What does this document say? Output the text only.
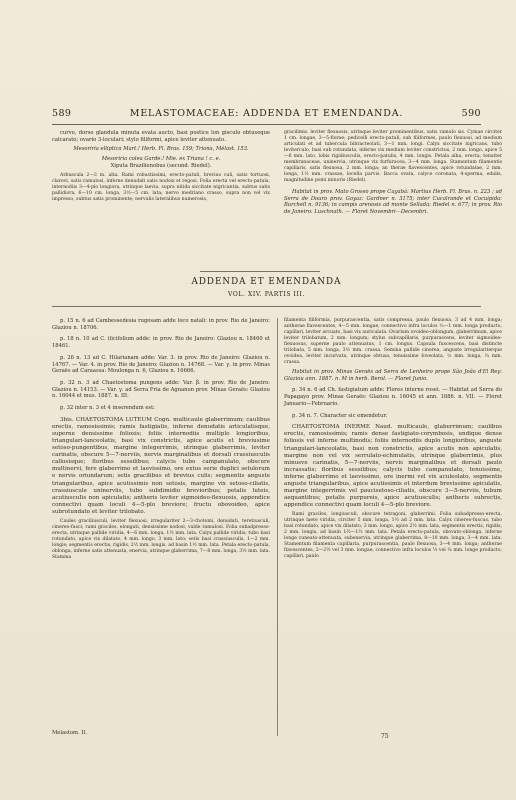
589	MELASTOMACEAE: ADDENDA ET EMENDANDA.	590

curvo, dorso glandula minuta evata aucto, basi postice lon gisculo obtuseque calcarato; ovario 3-loculari; stylo filiformi, apice leviter attenuato.

Mesoriria elliptica Mart.! Herb. Fl. Bras. 159; Triana, Mélast. 153.

Mesoriria colea Garde.! Mie. ex Triana ! c. e.

Xiputa Brazilienobus (secund. Riedel).

Arbuscula 2—3 m. alta. Rami robustissimi, erecto-patuli, brevius culi, satis tortuosi, clarevi, satis ramulosi, inferne denudati satis nodosi et regosi. Folia erecta vel erecto-patula, internodiis 3—4-plo longiora, utrinque laevia, supra nitida siccitate nigricantia, subtus satis pallidiora, 6—10 cm. longa, 3½—5 cm. lata; nervo medriano crasso, supra non vel vix impresso, subtus satis prominente; nervulis lateralibus numerosis,

gracilimis. leviter flexuosis, utrinque leviter prominentibus, satis ramulo sis. Cymae circiter 1 cm. longae, 3—5-florae; pedicelli erecto-patuli, sub filiformes, paulo flexuosi, ad medium articulati et ad tubercula bibracteolati, 3—1 mm. longi. Calyx siccitate nigricans, tubo leviterculo, basi sub rotundata, inferne vix medium leviter constrictus, 2 mm. longo, apice 5—6 mm. lato, lobis rigidiusculis, erecto-patulis, 4 mm. longis. Petala alba, erecta, tenuiter membranaceae, uninervia, utrinque vix furfuracea, 3—4 mm. longa. Stamentum filamentis capillaris, satis flexuosa, 2 mm. longa; an therae flavescentes, apice rotundatae, 2 mm. longa, 1½ mm. crassae, locella parvis. Bacca ovata, calyce coronata, 4-sperma, edulis, magnitudine pomi minoris (Riedel).

Habitat in prov. Mato Grosso prope Cuyabá: Martius Herb. Fl. Bras. n. 223 ; ad Serra de Douro prov. Goyaz: Gardner n. 3175; inter Cucalrande et Cocuipida: Burchell n. 9136; in campis arenosis ad monte Sellada: Riedel n. 677; in prov. Rio de Janeiro: Luschnath. — Floret Novembri—Decembri.

ADDENDA ET EMENDANDA
VOL. XIV. PARTIS III.

p. 15 n. 6 ad Cambessedesia rugosam adde loco natali: in prov. Rio de Janeiro: Glaziou n. 18706.

p. 18 n. 10 ad C. ilicifolium adde: in prov. Rio de Janeiro: Glaziou n. 18460 et 18461.

p. 26 n. 13 ad C. Hilarianam adde: Var. 3. in prov. Rio de Janeiro: Glaziou n. 14767. — Var. 4. in prov. Rio de Janeiro: Glaziou n. 14768. — Var. γ. in prov. Minas Geraës ad Caraassa: Moulonga n. 6, Glaziou n. 16666.

p. 32 n. 3 ad Chaetostoma pungens adde: Var. β. in prov. Rio de Janeiro: Glaziou n. 14153. — Var. γ. ad Serra Fria de Agnanon prov. Minas Geraës: Glaziou n. 16044 et mus. 1887. n. III.

p. 32 inter n. 3 et 4 inserendum est:

3bis. CHAETOSTOMA LUTEUM Cogn. multicaule glaberrimum; caulibus erectis, ramosissimis; ramis fastigiatis, inferne denudatis articulatisque, superne densissime foliosis; foliis internodiis multiplo longioribus, triangulari-lanceolatis, basi vix constrictis, apice acutis et breviusime setoso-pungentibus, margine integerrimis, utrinque glaberrimis, leviter carinatis, obscure 5—7-nerviis, nervis marginalibus et dorsali crassiusculis callosisque; floribus sessilibus; calycis tubo campanulato, obscure multinervi, fere glaberrimo et laevissimo, ore extus serie duplici setulorum e nervis oriundarum; setis gracilibus et brevius culis; segmentis anguste triangularibus, apice acutissimis non setosis, margine vix setoso-ciliatis, crassiuscule uninerviis, tubo subdimidio brevioribus; petalis luteis, acutiuscuIis non apiculatis; antheris leviter sigmoideo-flexuosis, appendice connectivi quam loculi 4—5-plo breviore; fructu obovoideo, apice subrotundato et leviter trilobato.

Caules graciliusculi, leviter flexuosi, irregulariter 2—3-chotomi, denudati, teretiusculi, cinereo-fusci; rami graciles, elongati, densissime nodosi, valde ramulosi. Folia subadpresso-erecta, utrinque pallide viridia, 4—6 mm. longa, 1½ mm. lata. Calyx pallide viridis; tubo basi rotundato, apice vix dilatato, 4 mm. longo, 3 mm. lato; setis basi crassiusculis, 1—2 mm. longis; segmentis erectis, rigidis, 2½ mm. longis, ad basin 1½ mm. lata. Petala erecto-patula, oblonga, inferne satis attenuata, enervia, utrinque glaberrima, 7—8 mm. longa, 3½ mm. lata. Stamina

filamenta filiformia, purpurascentia, satis compressa, paulo flexuosa, 3 ad 4 mm. longa; antherae flavescentes, 4—5 mm. longae, connectivo infra loculos ⅓—1 mm. longa producto, capillari, leviter arcuato, basi vix auriculata. Ovarium ovoideo-oblongum, glaberrimum, apice leviter trilobatum, 2 mm. longum; stylus subcapillaris, purpurascens, leviter sigmoideo-flexuosus, superne paulo attenuatus, 1 cm. longus. Capsula fuscescens, basi distincte trilobata, 5 mm. longa, 3½ mm. crassa. Semina pallide cinerea, anguste irregulariterque ovoidea, leviter incurvata, utrinque obtusa, tenuissime foveolata, ⅔ mm. longa, ¼ mm. crassa.

Habitat in prov. Minas Geraës ad Serra de Lenheiro prope São João d'El Rey: Glaziou ann. 1887. n. M in herb. Berol. — Floret Junio.

p. 34 n. 6 ad Ch. fastigiatum adde: Flores interne rosei. — Habitat ad Serra do Papagayo prov. Minas Geraës: Glaziou n. 16045 et ann. 1886. n. VII. — Floret Januario—Februario.

p. 34 n. 7. Character sic emendetur:

CHAETOSTOMA INERME Naud. multicaule, glaberrimum; caulibus erectis, ramosissimis; ramis dense fastigiato-corymbosis, undique dense foliosis vel inferne multinodis; foliis internodiis duplo longioribus, anguste triangulari-lanceolatis, basi non constrictis, apice acutis non apiculatis, margine non vel vix serrulato-echinulatis, utrinque glaberrimis, plus minusve carinatis, 5—7-nerviis, nervis marginalibus et dorsali paulo incrassatis; floribus sessilibus; calycis tubo campanulato, tenuissime, inferne glaberrimo et laevissimo, ore inermi vel vix aculeolato, segmentis anguste triangularibus, apice acutissimis et interdum brevissime apiculatis, margine integerrimis vel paucisetoso-ciliatis, obscure 3—5-nerviis, tubum aequantibus; petalis purpureis, apice acutiuscuIis; antheris subrectis, appendice connectivi quam loculi 4—5-plo breviore.

Rami graciles, longiusculi, obscure tetragoni, glaberrimi. Folia subadpresso-erecta, utrinque laete viridia, circiter 5 mm. longa, 1½ ad 2 mm. lata. Calyx cinereo-fuscus, tubo basi rotundato, apice vix dilatato, 3 mm. longo, apice 2½ mm. lata, segmentis erectis, rigidis, 2 mm. longis, ad basin 1½—1½ mm. lata. Petala erecto-patula, obovato-oblonga, inferne longe cuneato-attenuata, subenervia, utrinque glaberrima, 8—10 mm. longa, 3—4 mm. lata. Stamentum filamenta capillaria, purpurascentia, paulo flexuosa, 3—4 mm. longa; antherae flavescentes, 2—2½ vel 3 mm. longae, connectivo infra loculos ½ vel ¼ mm. longe producto, capillari, paulo

Melastom. II.	75
